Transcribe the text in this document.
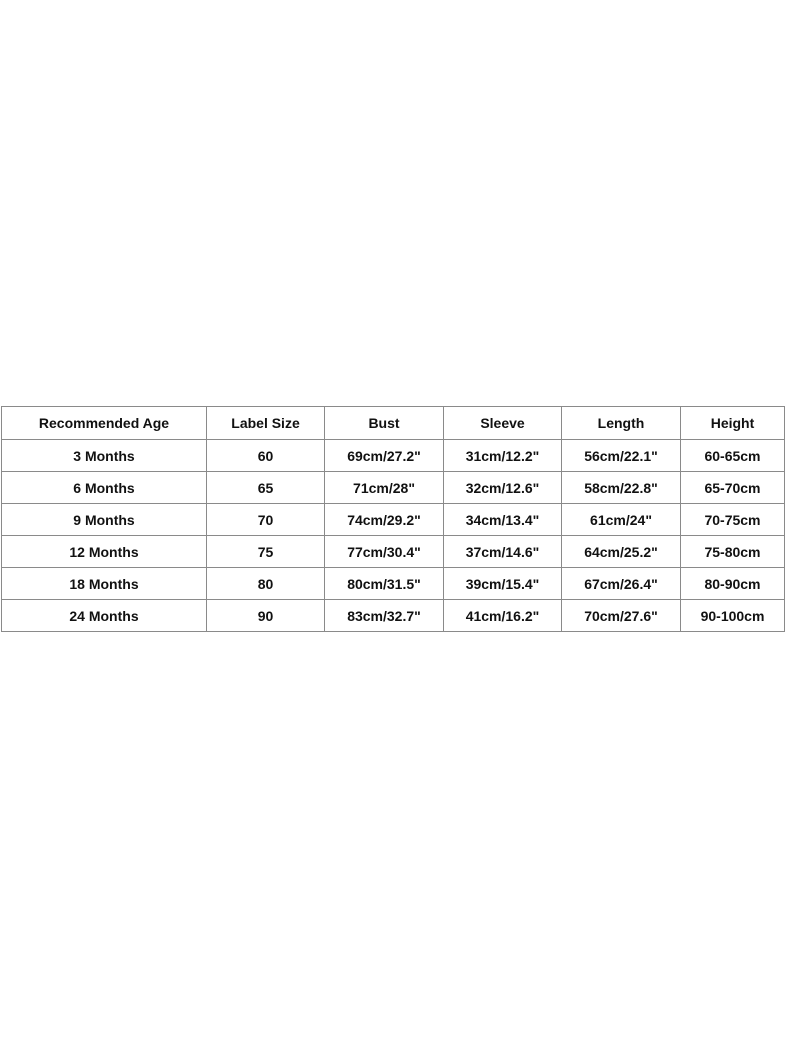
Recommended Age	Label Size	Bust	Sleeve	Length	Height
3 Months	60	69cm/27.2"	31cm/12.2"	56cm/22.1"	60-65cm
6 Months	65	71cm/28"	32cm/12.6"	58cm/22.8"	65-70cm
9 Months	70	74cm/29.2"	34cm/13.4"	61cm/24"	70-75cm
12 Months	75	77cm/30.4"	37cm/14.6"	64cm/25.2"	75-80cm
18 Months	80	80cm/31.5"	39cm/15.4"	67cm/26.4"	80-90cm
24 Months	90	83cm/32.7"	41cm/16.2"	70cm/27.6"	90-100cm
